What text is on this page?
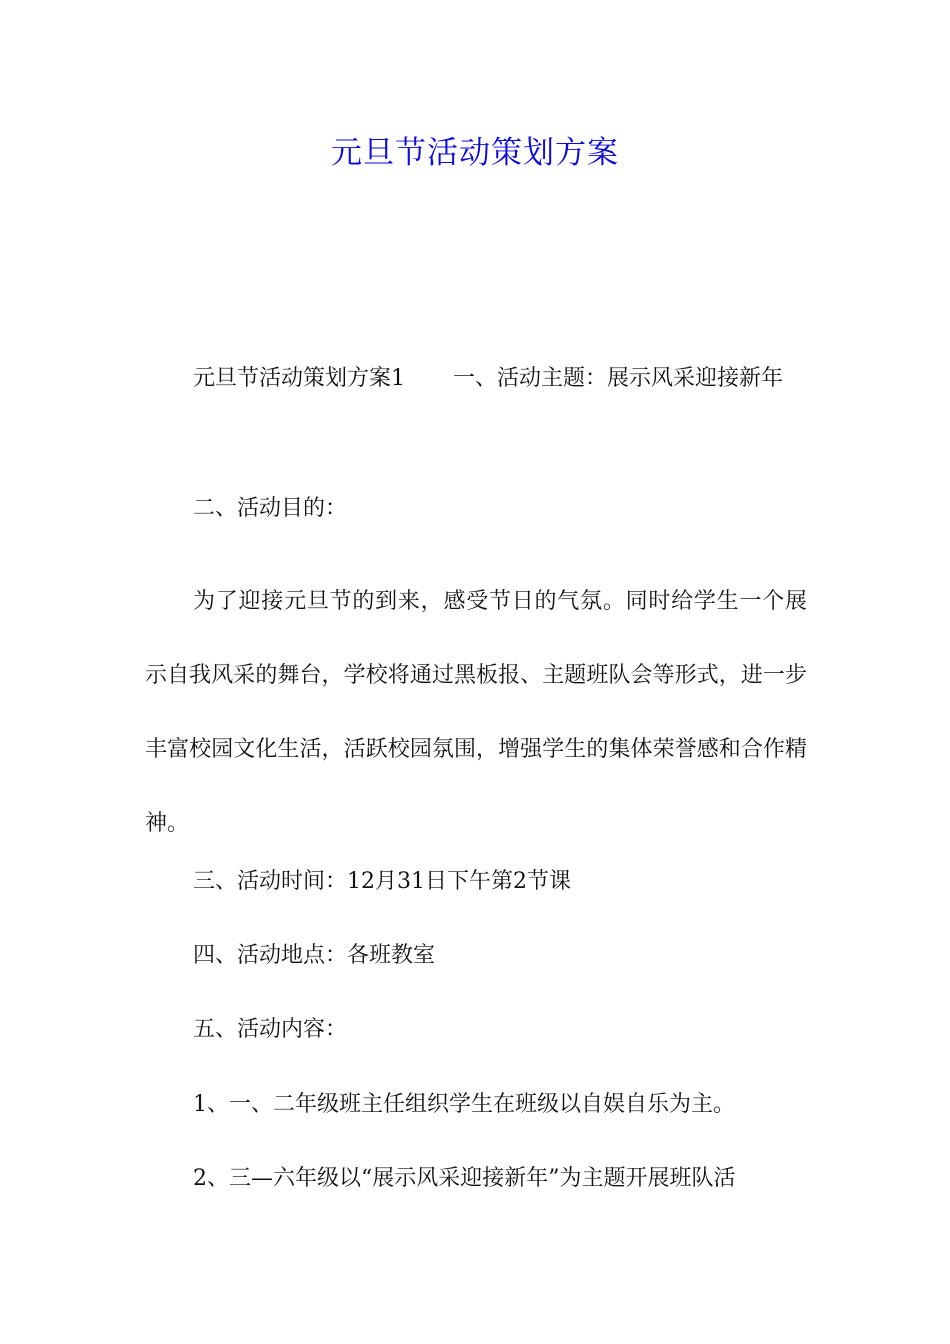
元旦节活动策划方案

元旦节活动策划方案1 一、活动主题：展示风采迎接新年

二、活动目的：

为了迎接元旦节的到来，感受节日的气氛。同时给学生一个展示自我风采的舞台，学校将通过黑板报、主题班队会等形式，进一步丰富校园文化生活，活跃校园氛围，增强学生的集体荣誉感和合作精神。

三、活动时间：12月31日下午第2节课
四、活动地点：各班教室
五、活动内容：
1、一、二年级班主任组织学生在班级以自娱自乐为主。
2、三—六年级以“展示风采迎接新年”为主题开展班队活
